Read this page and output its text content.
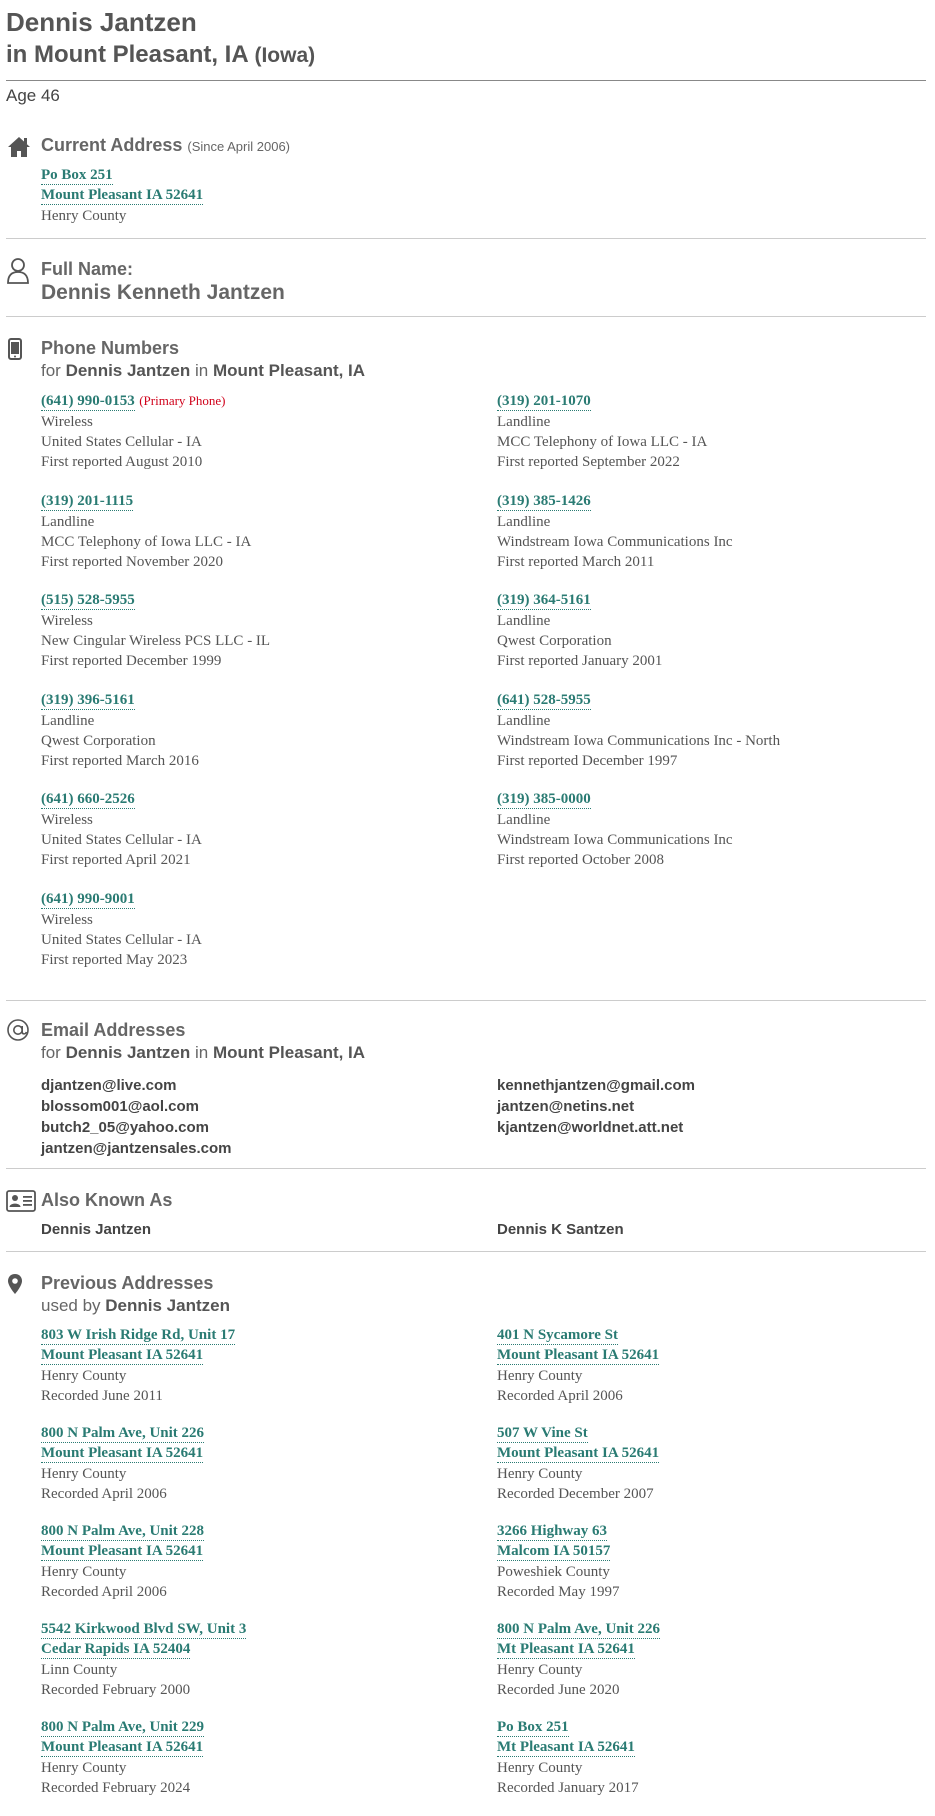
Dennis Jantzen
in Mount Pleasant, IA (Iowa)
Age 46
Current Address (Since April 2006)
Po Box 251
Mount Pleasant IA 52641
Henry County
Full Name:
Dennis Kenneth Jantzen
Phone Numbers
for Dennis Jantzen in Mount Pleasant, IA
(641) 990-0153 (Primary Phone)
Wireless
United States Cellular - IA
First reported August 2010
(319) 201-1070
Landline
MCC Telephony of Iowa LLC - IA
First reported September 2022
(319) 201-1115
Landline
MCC Telephony of Iowa LLC - IA
First reported November 2020
(319) 385-1426
Landline
Windstream Iowa Communications Inc
First reported March 2011
(515) 528-5955
Wireless
New Cingular Wireless PCS LLC - IL
First reported December 1999
(319) 364-5161
Landline
Qwest Corporation
First reported January 2001
(319) 396-5161
Landline
Qwest Corporation
First reported March 2016
(641) 528-5955
Landline
Windstream Iowa Communications Inc - North
First reported December 1997
(641) 660-2526
Wireless
United States Cellular - IA
First reported April 2021
(319) 385-0000
Landline
Windstream Iowa Communications Inc
First reported October 2008
(641) 990-9001
Wireless
United States Cellular - IA
First reported May 2023
Email Addresses
for Dennis Jantzen in Mount Pleasant, IA
djantzen@live.com
blossom001@aol.com
butch2_05@yahoo.com
jantzen@jantzensales.com
kennethjantzen@gmail.com
jantzen@netins.net
kjantzen@worldnet.att.net
Also Known As
Dennis Jantzen	Dennis K Santzen
Previous Addresses
used by Dennis Jantzen
803 W Irish Ridge Rd, Unit 17
Mount Pleasant IA 52641
Henry County
Recorded June 2011
401 N Sycamore St
Mount Pleasant IA 52641
Henry County
Recorded April 2006
800 N Palm Ave, Unit 226
Mount Pleasant IA 52641
Henry County
Recorded April 2006
507 W Vine St
Mount Pleasant IA 52641
Henry County
Recorded December 2007
800 N Palm Ave, Unit 228
Mount Pleasant IA 52641
Henry County
Recorded April 2006
3266 Highway 63
Malcom IA 50157
Poweshiek County
Recorded May 1997
5542 Kirkwood Blvd SW, Unit 3
Cedar Rapids IA 52404
Linn County
Recorded February 2000
800 N Palm Ave, Unit 226
Mt Pleasant IA 52641
Henry County
Recorded June 2020
800 N Palm Ave, Unit 229
Mount Pleasant IA 52641
Henry County
Recorded February 2024
Po Box 251
Mt Pleasant IA 52641
Henry County
Recorded January 2017
